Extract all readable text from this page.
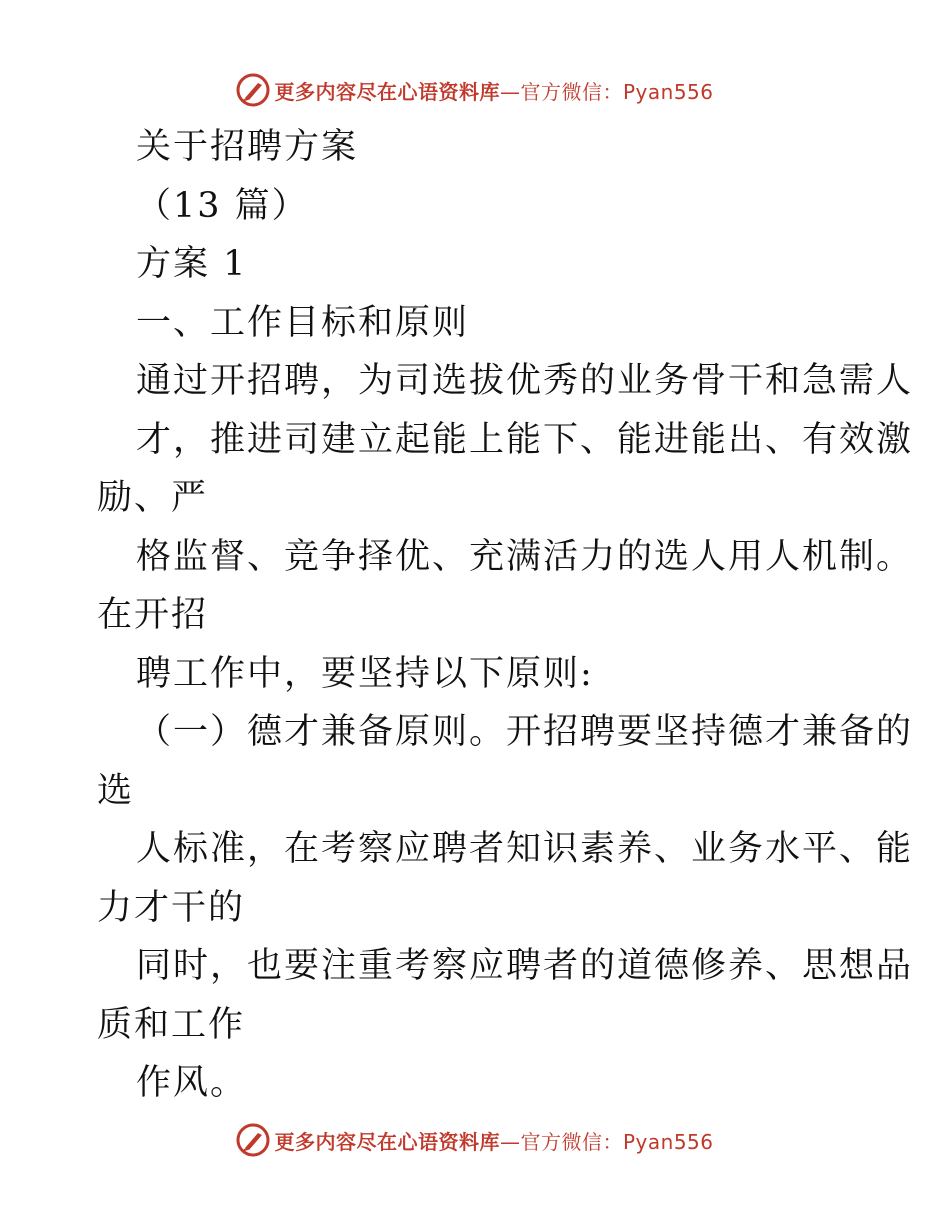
更多内容尽在心语资料库—官方微信：Pyan556
关于招聘方案
（13 篇）
方案 1
一、工作目标和原则
通过开招聘，为司选拔优秀的业务骨干和急需人
才，推进司建立起能上能下、能进能出、有效激
励、严
格监督、竞争择优、充满活力的选人用人机制。
在开招
聘工作中，要坚持以下原则:
（一）德才兼备原则。开招聘要坚持德才兼备的
选
人标准，在考察应聘者知识素养、业务水平、能
力才干的
同时，也要注重考察应聘者的道德修养、思想品
质和工作
作风。
更多内容尽在心语资料库—官方微信：Pyan556
